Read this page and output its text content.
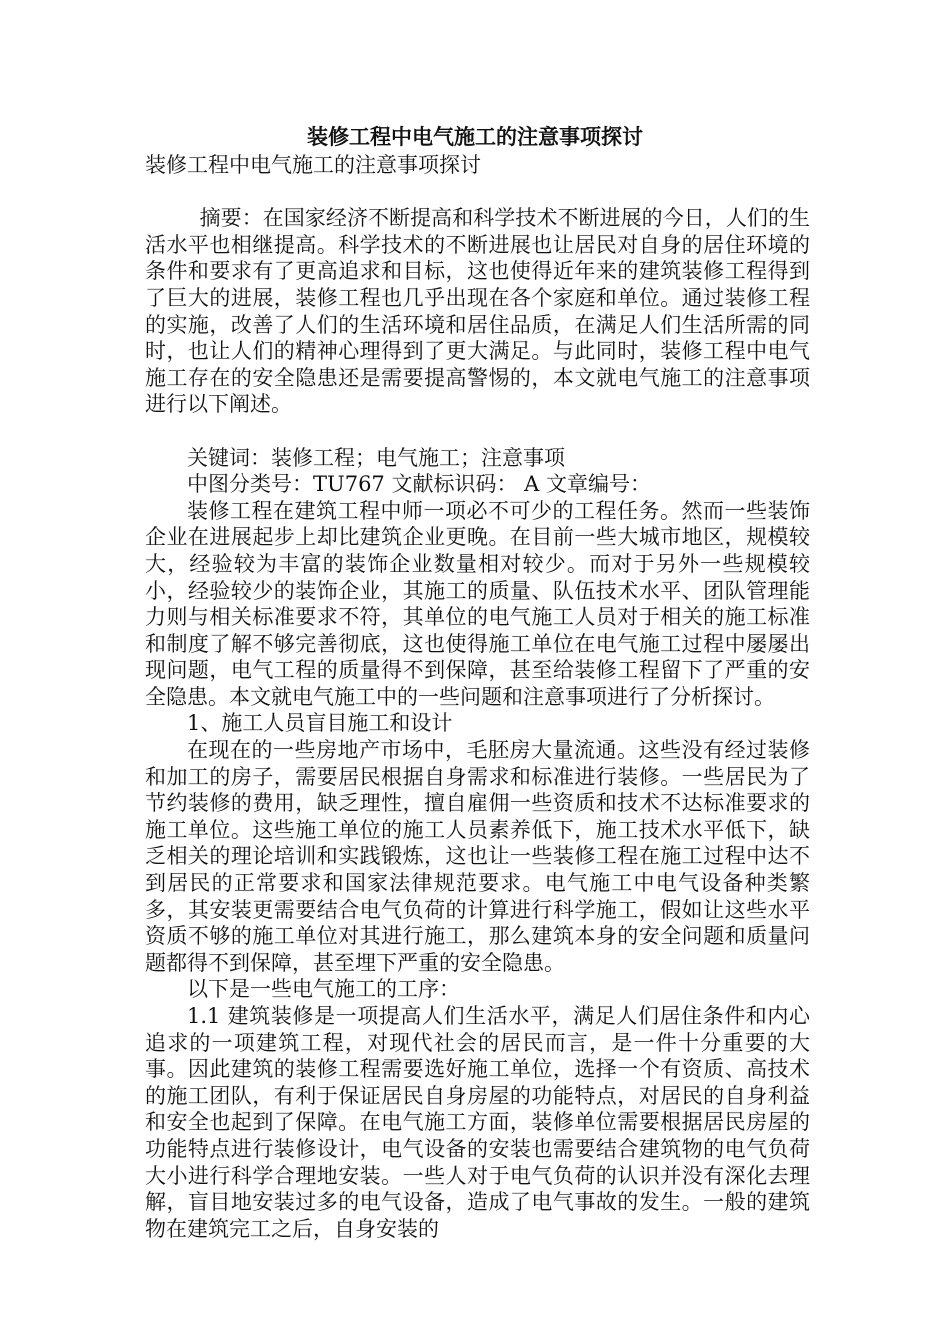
装修工程中电气施工的注意事项探讨

装修工程中电气施工的注意事项探讨

摘要：在国家经济不断提高和科学技术不断进展的今日，人们的生活水平也相继提高。科学技术的不断进展也让居民对自身的居住环境的条件和要求有了更高追求和目标，这也使得近年来的建筑装修工程得到了巨大的进展，装修工程也几乎出现在各个家庭和单位。通过装修工程的实施，改善了人们的生活环境和居住品质，在满足人们生活所需的同时，也让人们的精神心理得到了更大满足。与此同时，装修工程中电气施工存在的安全隐患还是需要提高警惕的，本文就电气施工的注意事项进行以下阐述。

关键词：装修工程；电气施工；注意事项

中图分类号：TU767 文献标识码： A 文章编号：

装修工程在建筑工程中师一项必不可少的工程任务。然而一些装饰企业在进展起步上却比建筑企业更晚。在目前一些大城市地区，规模较大，经验较为丰富的装饰企业数量相对较少。而对于另外一些规模较小，经验较少的装饰企业，其施工的质量、队伍技术水平、团队管理能力则与相关标准要求不符，其单位的电气施工人员对于相关的施工标准和制度了解不够完善彻底，这也使得施工单位在电气施工过程中屡屡出现问题，电气工程的质量得不到保障，甚至给装修工程留下了严重的安全隐患。本文就电气施工中的一些问题和注意事项进行了分析探讨。

1、施工人员盲目施工和设计

在现在的一些房地产市场中，毛胚房大量流通。这些没有经过装修和加工的房子，需要居民根据自身需求和标准进行装修。一些居民为了节约装修的费用，缺乏理性，擅自雇佣一些资质和技术不达标准要求的施工单位。这些施工单位的施工人员素养低下，施工技术水平低下，缺乏相关的理论培训和实践锻炼，这也让一些装修工程在施工过程中达不到居民的正常要求和国家法律规范要求。电气施工中电气设备种类繁多，其安装更需要结合电气负荷的计算进行科学施工，假如让这些水平资质不够的施工单位对其进行施工，那么建筑本身的安全问题和质量问题都得不到保障，甚至埋下严重的安全隐患。

以下是一些电气施工的工序：

1.1 建筑装修是一项提高人们生活水平，满足人们居住条件和内心追求的一项建筑工程，对现代社会的居民而言，是一件十分重要的大事。因此建筑的装修工程需要选好施工单位，选择一个有资质、高技术的施工团队，有利于保证居民自身房屋的功能特点，对居民的自身利益和安全也起到了保障。在电气施工方面，装修单位需要根据居民房屋的功能特点进行装修设计，电气设备的安装也需要结合建筑物的电气负荷大小进行科学合理地安装。一些人对于电气负荷的认识并没有深化去理解，盲目地安装过多的电气设备，造成了电气事故的发生。一般的建筑物在建筑完工之后，自身安装的
